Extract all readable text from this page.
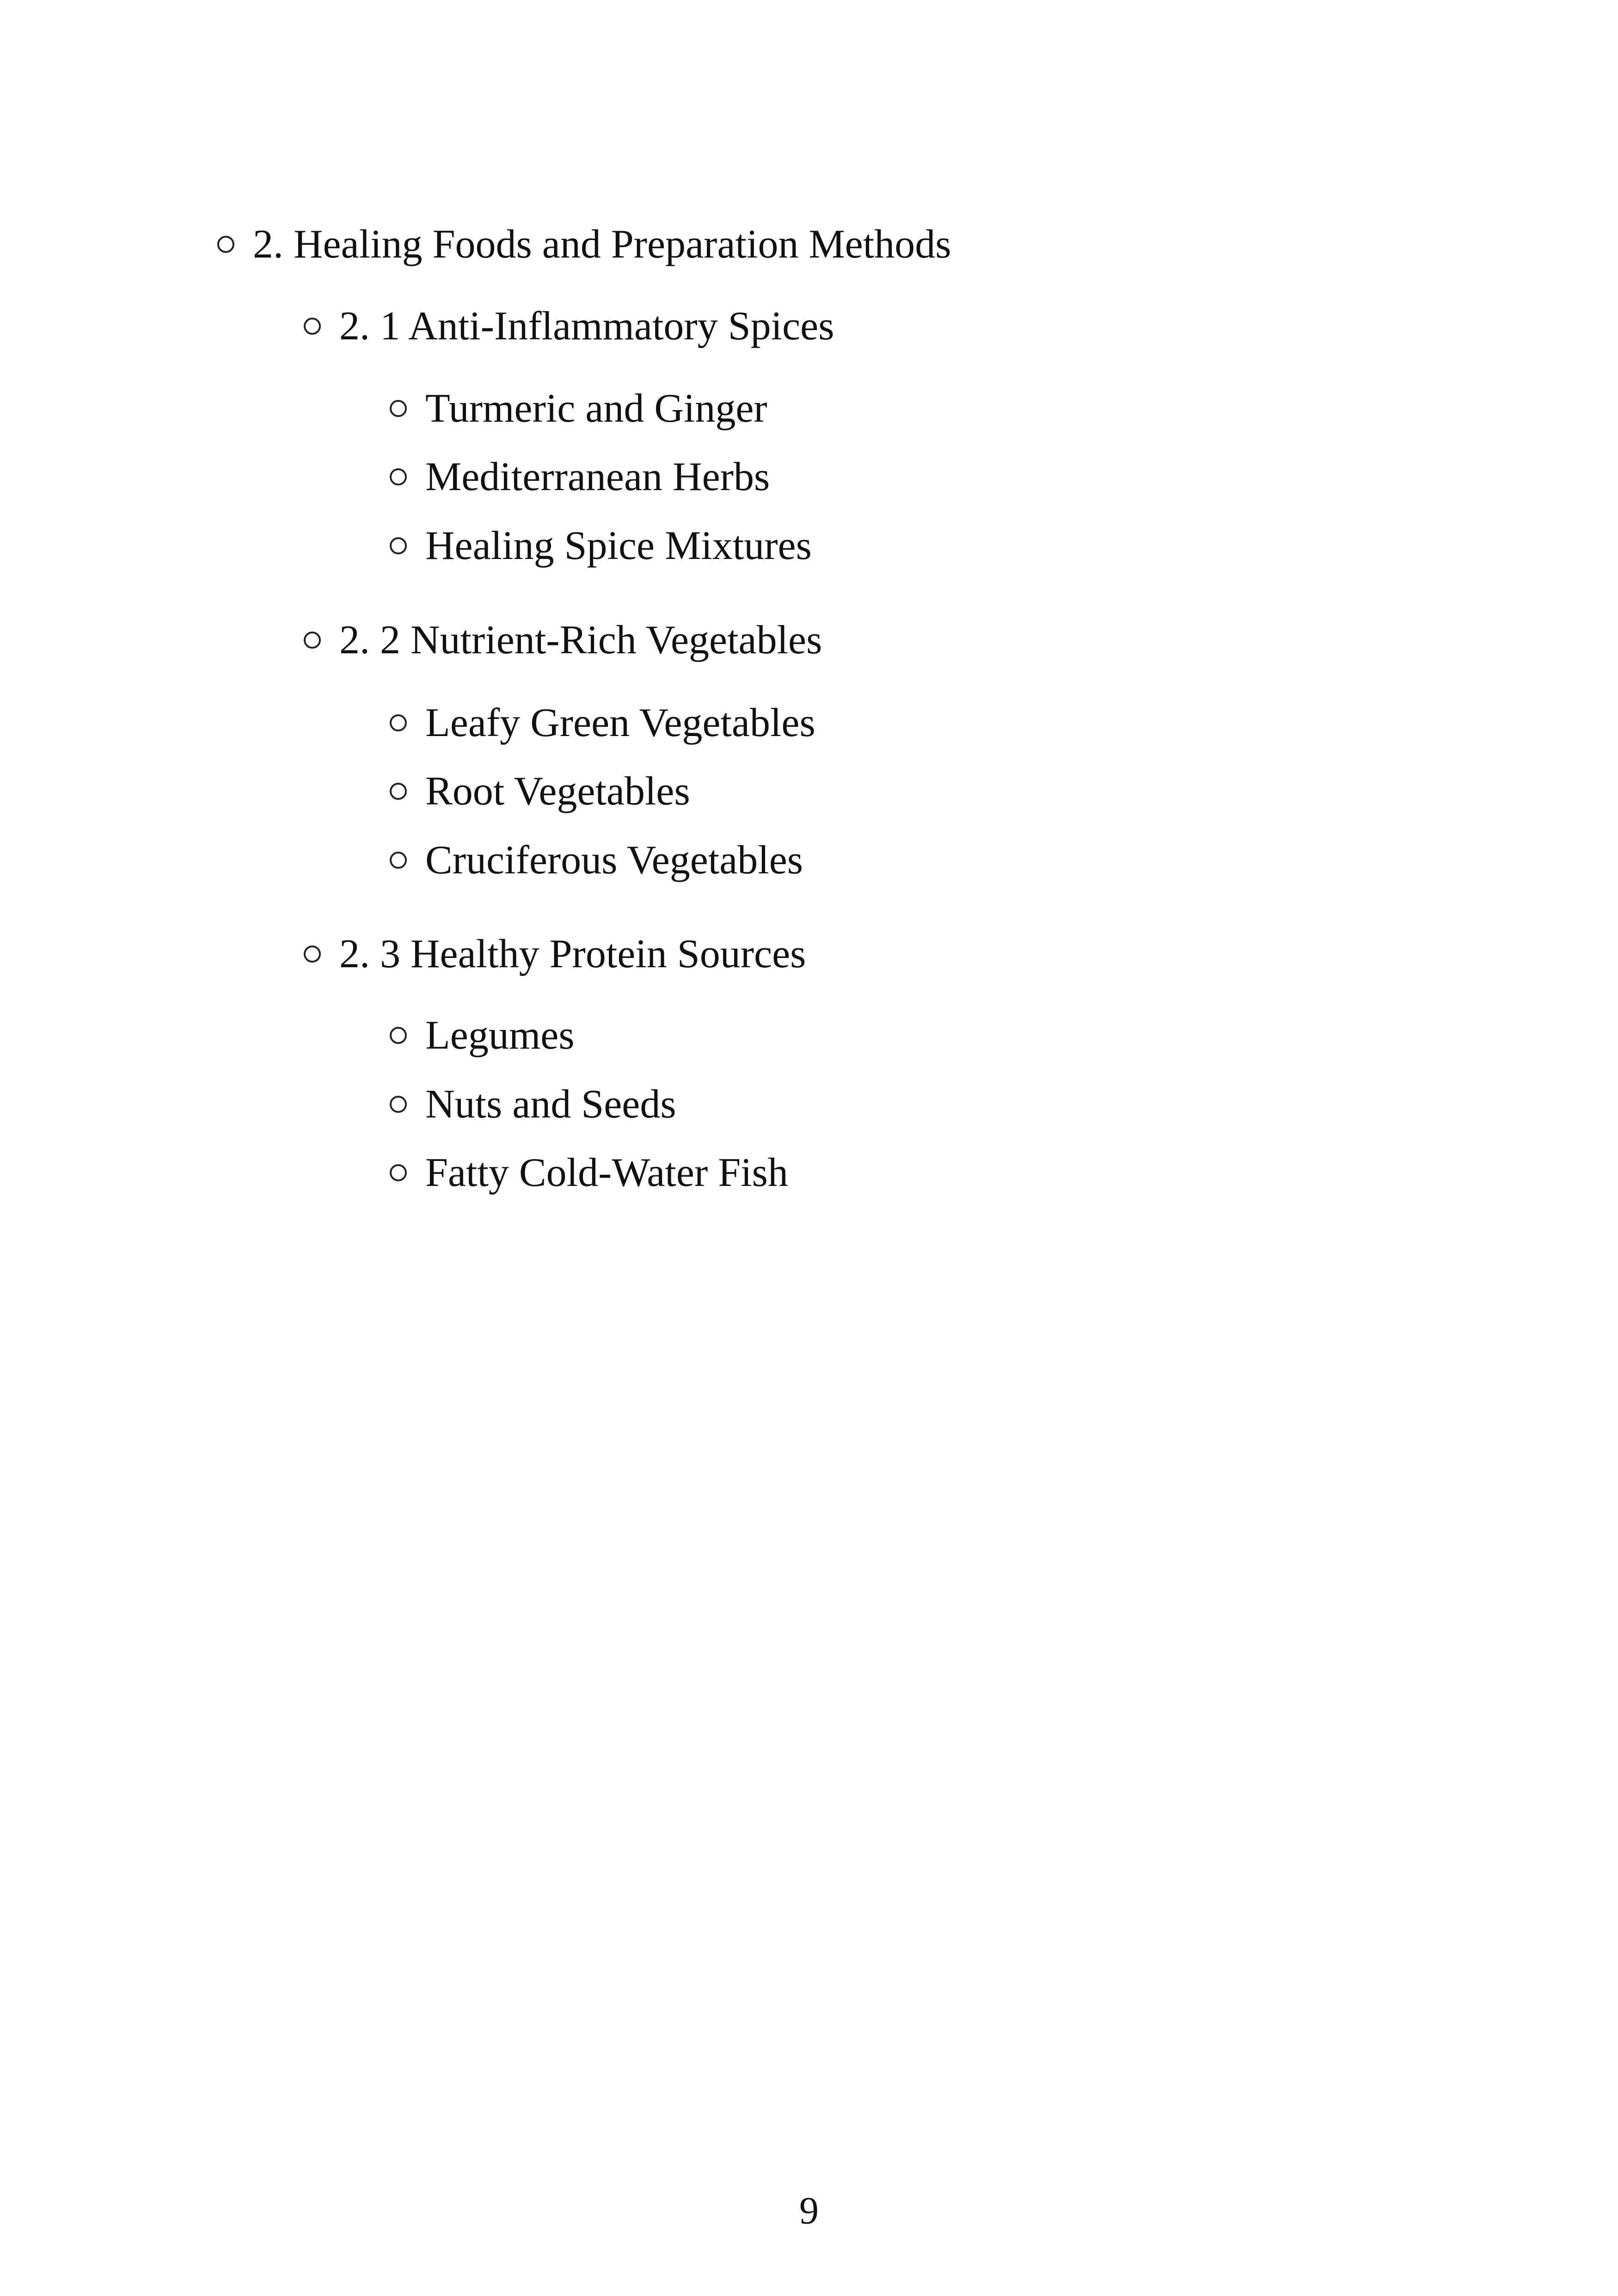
2. Healing Foods and Preparation Methods
2. 1 Anti-Inflammatory Spices
Turmeric and Ginger
Mediterranean Herbs
Healing Spice Mixtures
2. 2 Nutrient-Rich Vegetables
Leafy Green Vegetables
Root Vegetables
Cruciferous Vegetables
2. 3 Healthy Protein Sources
Legumes
Nuts and Seeds
Fatty Cold-Water Fish
9
